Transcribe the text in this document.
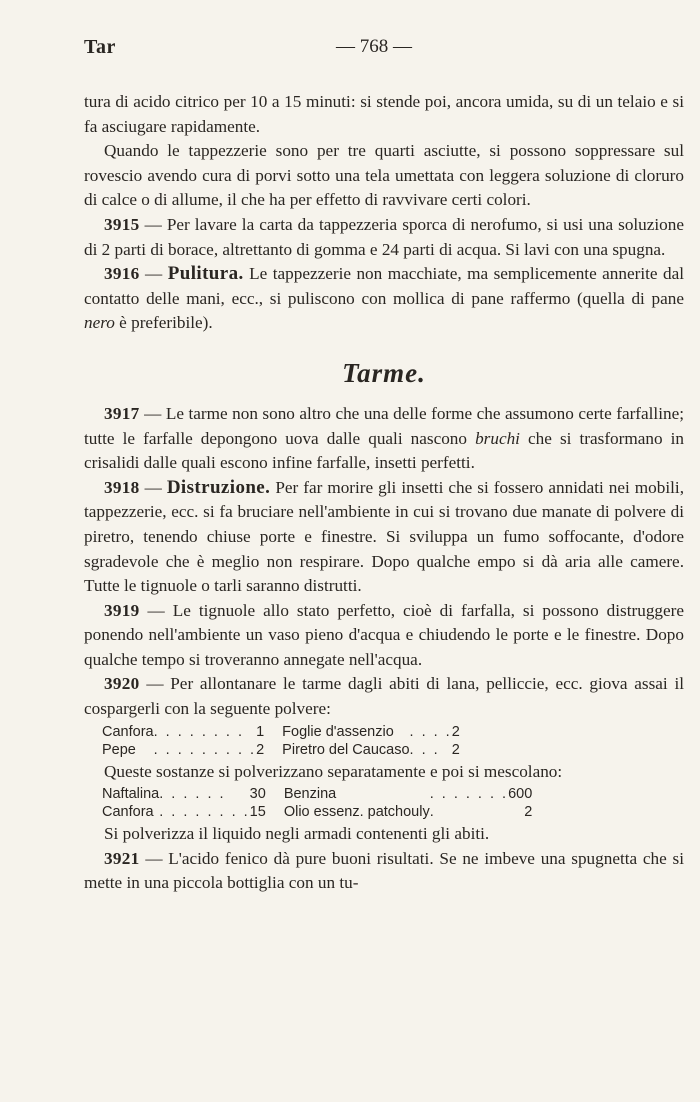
Tar	— 768 —

tura di acido citrico per 10 a 15 minuti: si stende poi, ancora umida, su di un telaio e si fa asciugare rapidamente.

Quando le tappezzerie sono per tre quarti asciutte, si possono soppressare sul rovescio avendo cura di porvi sotto una tela umettata con leggera soluzione di cloruro di calce o di allume, il che ha per effetto di ravvivare certi colori.

3915 — Per lavare la carta da tappezzeria sporca di nerofumo, si usi una soluzione di 2 parti di borace, altrettanto di gomma e 24 parti di acqua. Si lavi con una spugna.

3916 — Pulitura. Le tappezzerie non macchiate, ma semplicemente annerite dal contatto delle mani, ecc., si puliscono con mollica di pane raffermo (quella di pane nero è preferibile).

Tarme.

3917 — Le tarme non sono altro che una delle forme che assumono certe farfalline; tutte le farfalle depongono uova dalle quali nascono bruchi che si trasformano in crisalidi dalle quali escono infine farfalle, insetti perfetti.

3918 — Distruzione. Per far morire gli insetti che si fossero annidati nei mobili, tappezzerie, ecc. si fa bruciare nell'ambiente in cui si trovano due manate di polvere di piretro, tenendo chiuse porte e finestre. Si sviluppa un fumo soffocante, d'odore sgradevole che è meglio non respirare. Dopo qualche empo si dà aria alle camere. Tutte le tignuole o tarli saranno distrutti.

3919 — Le tignuole allo stato perfetto, cioè di farfalla, si possono distruggere ponendo nell'ambiente un vaso pieno d'acqua e chiudendo le porte e le finestre. Dopo qualche tempo si troveranno annegate nell'acqua.

3920 — Per allontanare le tarme dagli abiti di lana, pelliccie, ecc. giova assai il cospargerli con la seguente polvere:

Canfora	. . . . . . . .	1	Foglie d'assenzio	. . . .	2
Pepe	. . . . . . . . .	2	Piretro del Caucaso	. . .	2

Queste sostanze si polverizzano separatamente e poi si mescolano:

Naftalina	. . . . . .	30	Benzina	. . . . . . .	600
Canfora	. . . . . . . .	15	Olio essenz. patchouly	.	2

Si polverizza il liquido negli armadi contenenti gli abiti.

3921 — L'acido fenico dà pure buoni risultati. Se ne imbeve una spugnetta che si mette in una piccola bottiglia con un tu-
